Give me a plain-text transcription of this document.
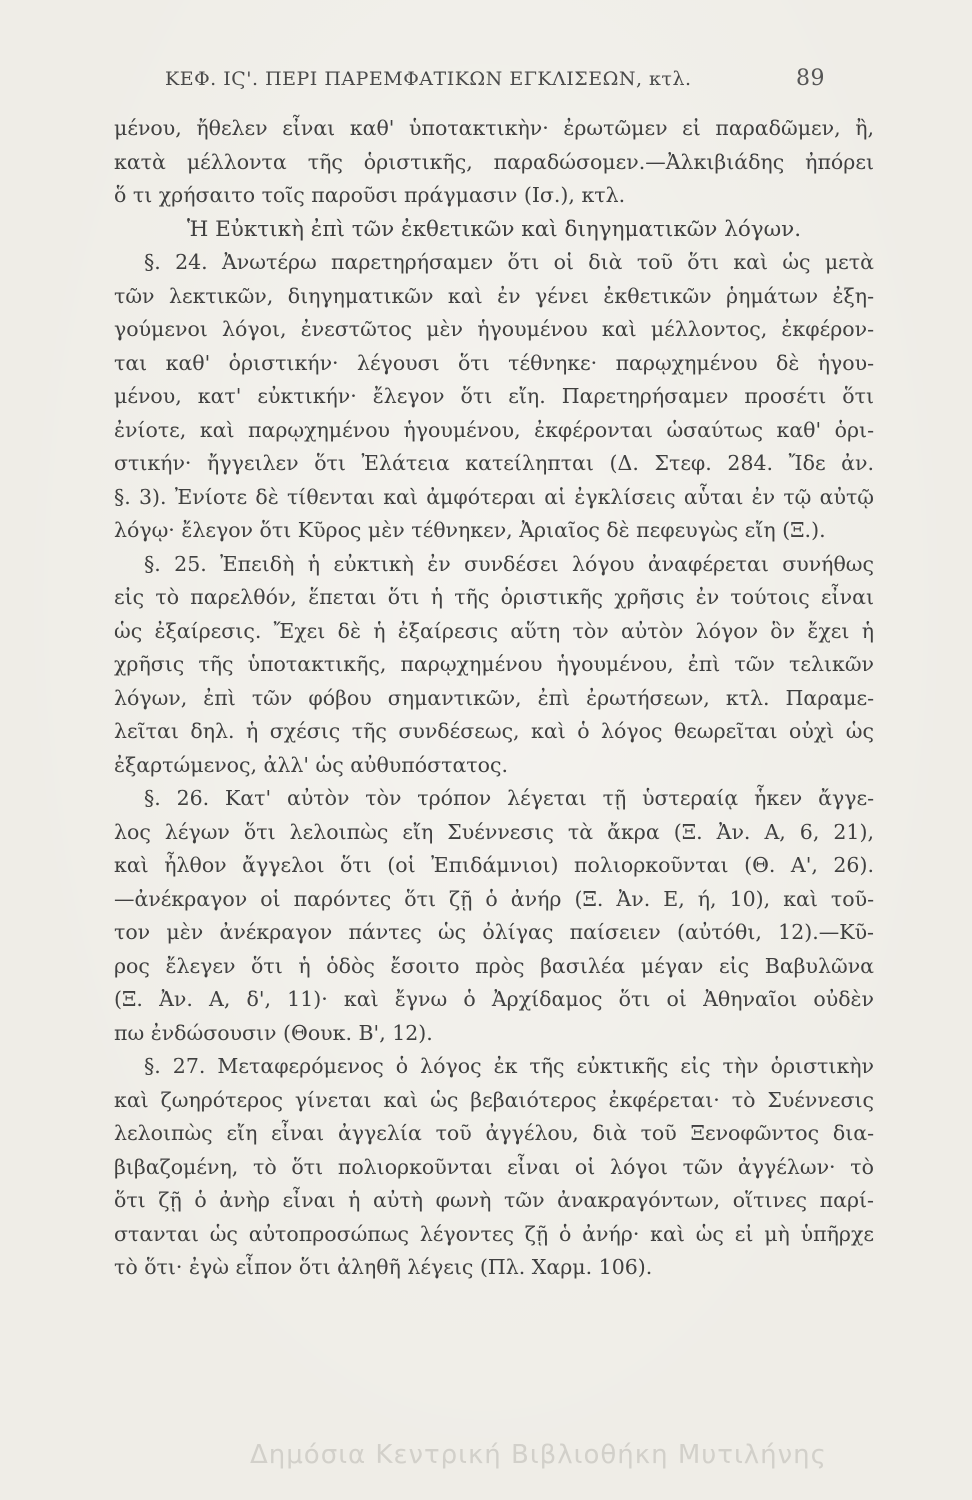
ΚΕΦ. ΙϚ'. ΠΕΡΙ ΠΑΡΕΜΦΑΤΙΚΩΝ ΕΓΚΛΙΣΕΩΝ, κτλ.	89
μένου, ἤθελεν εἶναι καθ' ὑποτακτικὴν· ἐρωτῶμεν εἰ παραδῶμεν, ἢ,
κατὰ μέλλοντα τῆς ὁριστικῆς, παραδώσομεν.—Ἀλκιβιάδης ἠπόρει
ὅ τι χρήσαιτο τοῖς παροῦσι πράγμασιν (Ισ.), κτλ.
Ἡ Εὐκτικὴ ἐπὶ τῶν ἐκθετικῶν καὶ διηγηματικῶν λόγων.
§. 24. Ἀνωτέρω παρετηρήσαμεν ὅτι οἱ διὰ τοῦ ὅτι καὶ ὡς μετὰ
τῶν λεκτικῶν, διηγηματικῶν καὶ ἐν γένει ἐκθετικῶν ῥημάτων ἐξη-
γούμενοι λόγοι, ἐνεστῶτος μὲν ἡγουμένου καὶ μέλλοντος, ἐκφέρον-
ται καθ' ὁριστικήν· λέγουσι ὅτι τέθνηκε· παρῳχημένου δὲ ἡγου-
μένου, κατ' εὐκτικήν· ἔλεγον ὅτι εἴη. Παρετηρήσαμεν προσέτι ὅτι
ἐνίοτε, καὶ παρῳχημένου ἡγουμένου, ἐκφέρονται ὡσαύτως καθ' ὁρι-
στικήν· ἤγγειλεν ὅτι Ἐλάτεια κατείληπται (Δ. Στεφ. 284. Ἴδε ἀν.
§. 3). Ἐνίοτε δὲ τίθενται καὶ ἀμφότεραι αἱ ἐγκλίσεις αὗται ἐν τῷ αὐτῷ
λόγῳ· ἔλεγον ὅτι Κῦρος μὲν τέθνηκεν, Ἀριαῖος δὲ πεφευγὼς εἴη (Ξ.).
§. 25. Ἐπειδὴ ἡ εὐκτικὴ ἐν συνδέσει λόγου ἀναφέρεται συνήθως
εἰς τὸ παρελθόν, ἕπεται ὅτι ἡ τῆς ὁριστικῆς χρῆσις ἐν τούτοις εἶναι
ὡς ἐξαίρεσις. Ἔχει δὲ ἡ ἐξαίρεσις αὕτη τὸν αὐτὸν λόγον ὃν ἔχει ἡ
χρῆσις τῆς ὑποτακτικῆς, παρῳχημένου ἡγουμένου, ἐπὶ τῶν τελικῶν
λόγων, ἐπὶ τῶν φόβου σημαντικῶν, ἐπὶ ἐρωτήσεων, κτλ. Παραμε-
λεῖται δηλ. ἡ σχέσις τῆς συνδέσεως, καὶ ὁ λόγος θεωρεῖται οὐχὶ ὡς
ἐξαρτώμενος, ἀλλ' ὡς αὐθυπόστατος.
§. 26. Κατ' αὐτὸν τὸν τρόπον λέγεται τῇ ὑστεραίᾳ ἧκεν ἄγγε-
λος λέγων ὅτι λελοιπὼς εἴη Συέννεσις τὰ ἄκρα (Ξ. Ἀν. Α, 6, 21),
καὶ ἦλθον ἄγγελοι ὅτι (οἱ Ἐπιδάμνιοι) πολιορκοῦνται (Θ. Α', 26).
—ἀνέκραγον οἱ παρόντες ὅτι ζῇ ὁ ἀνήρ (Ξ. Ἀν. Ε, ή, 10), καὶ τοῦ-
τον μὲν ἀνέκραγον πάντες ὡς ὀλίγας παίσειεν (αὐτόθι, 12).—Κῦ-
ρος ἔλεγεν ὅτι ἡ ὁδὸς ἔσοιτο πρὸς βασιλέα μέγαν εἰς Βαβυλῶνα
(Ξ. Ἀν. Α, δ', 11)· καὶ ἔγνω ὁ Ἀρχίδαμος ὅτι οἱ Ἀθηναῖοι οὐδὲν
πω ἐνδώσουσιν (Θουκ. Β', 12).
§. 27. Μεταφερόμενος ὁ λόγος ἐκ τῆς εὐκτικῆς εἰς τὴν ὁριστικὴν
καὶ ζωηρότερος γίνεται καὶ ὡς βεβαιότερος ἐκφέρεται· τὸ Συέννεσις
λελοιπὼς εἴη εἶναι ἀγγελία τοῦ ἀγγέλου, διὰ τοῦ Ξενοφῶντος δια-
βιβαζομένη, τὸ ὅτι πολιορκοῦνται εἶναι οἱ λόγοι τῶν ἀγγέλων· τὸ
ὅτι ζῇ ὁ ἀνὴρ εἶναι ἡ αὐτὴ φωνὴ τῶν ἀνακραγόντων, οἵτινες παρί-
στανται ὡς αὐτοπροσώπως λέγοντες ζῇ ὁ ἀνήρ· καὶ ὡς εἰ μὴ ὑπῆρχε
τὸ ὅτι· ἐγὼ εἶπον ὅτι ἀληθῆ λέγεις (Πλ. Χαρμ. 106).
Δημόσια Κεντρική Βιβλιοθήκη Μυτιλήνης
